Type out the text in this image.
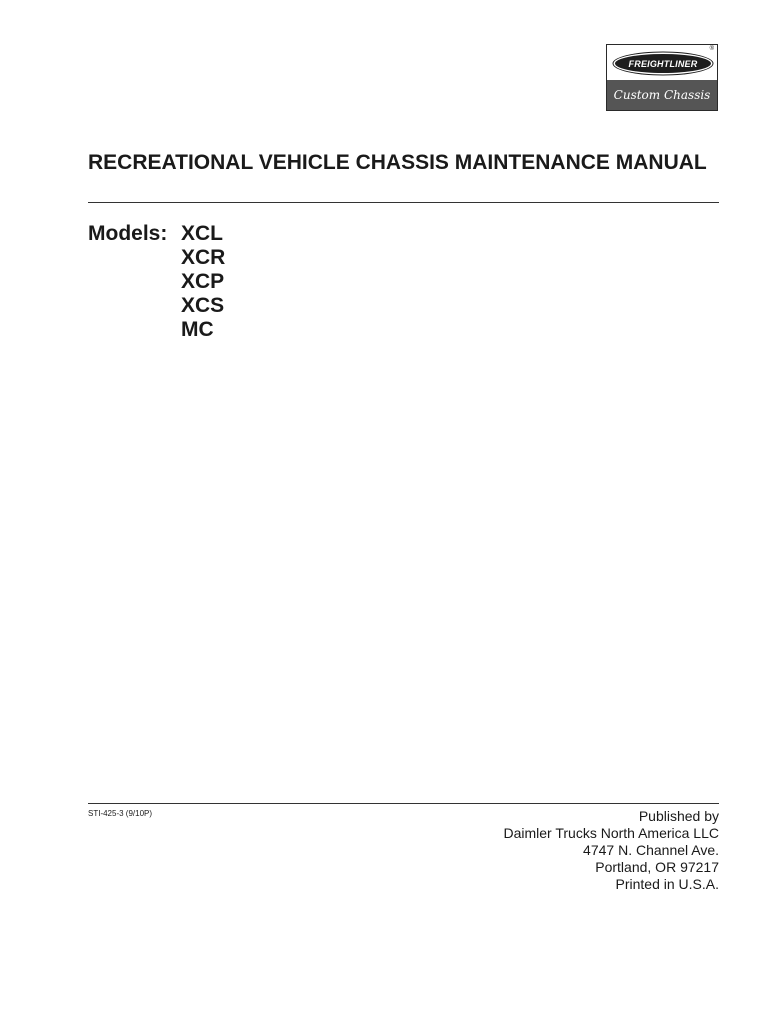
®
FREIGHTLINER
Custom Chassis
RECREATIONAL VEHICLE CHASSIS MAINTENANCE MANUAL
Models: XCL
XCR
XCP
XCS
MC
STI-425-3 (9/10P)	Published by
Daimler Trucks North America LLC
4747 N. Channel Ave.
Portland, OR 97217
Printed in U.S.A.
